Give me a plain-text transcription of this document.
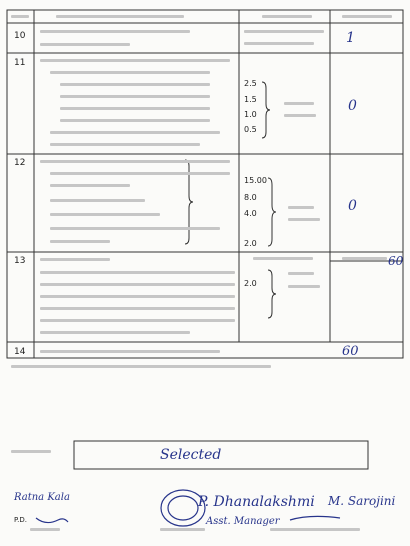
10
11
12
13
14
2.5
1.5
1.0
0.5
15.00
8.0
4.0
2.0
2.0
1
0
0
60
60
Selected
Ratna Kala
P.D.
P. Dhanalakshmi
Asst. Manager
M. Sarojini
